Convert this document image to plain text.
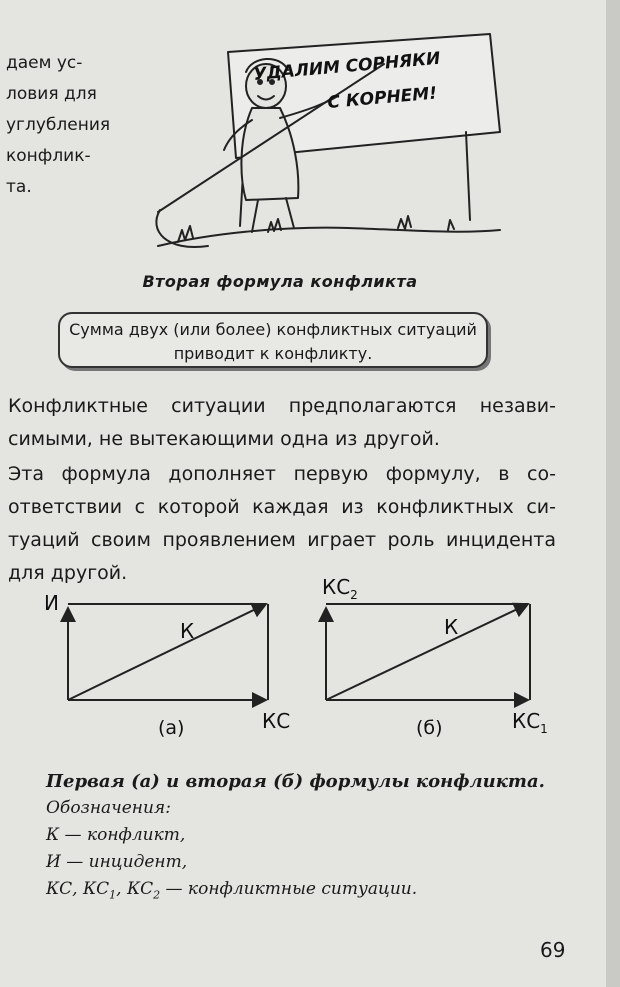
даем ус-
ловия для
углубления
конфлик-
та.
УДАЛИМ СОРНЯКИ
С КОРНЕМ!
Вторая формула конфликта
Сумма двух (или более) конфликтных ситуаций
приводит к конфликту.
Конфликтные ситуации предполагаются незави-
симыми, не вытекающими одна из другой.
Эта формула дополняет первую формулу, в со-
ответствии с которой каждая из конфликтных си-
туаций своим проявлением играет роль инцидента
для другой.
И
К
КС
(а)
$КС_2$
К
$КС_1$
(б)
Первая (а) и вторая (б) формулы конфликта.
Обозначения:
К — конфликт,
И — инцидент,
КС, $КС_1$, $КС_2$ — конфликтные ситуации.
69
